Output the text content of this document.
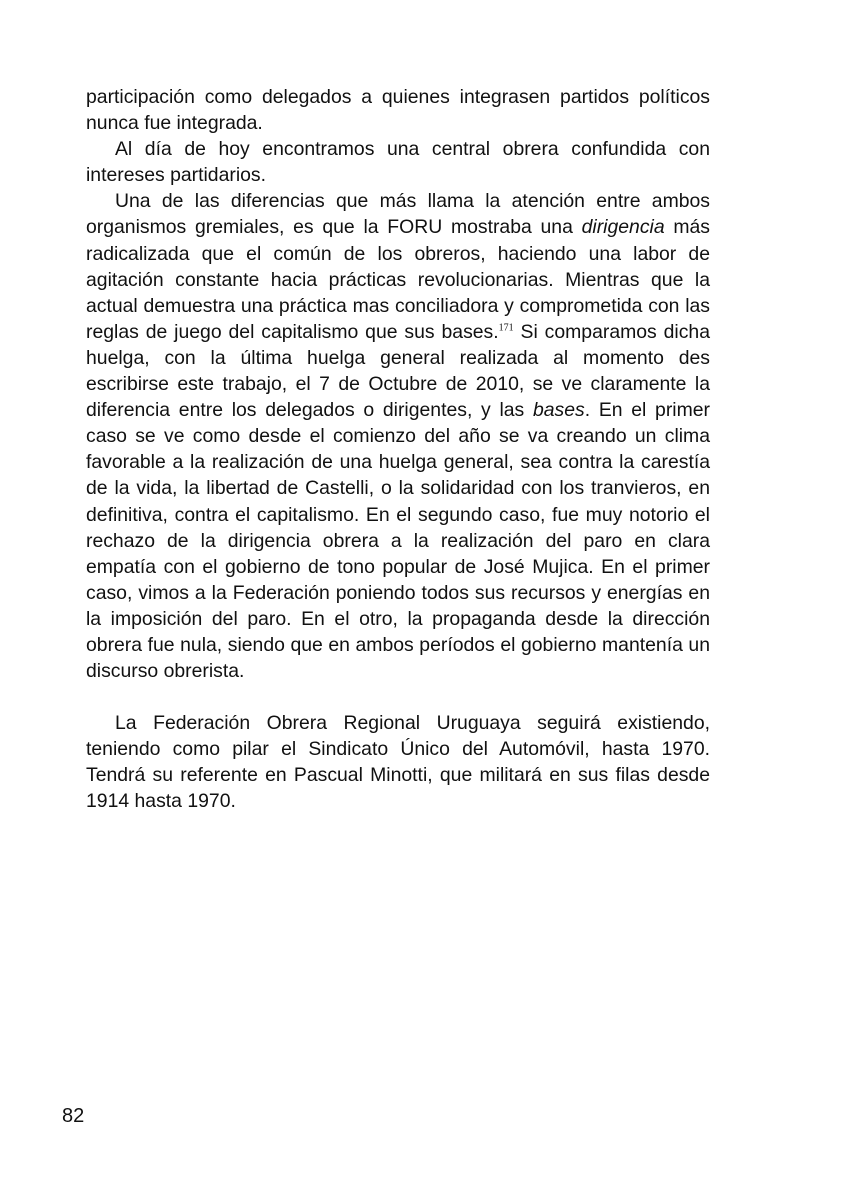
participación como delegados a quienes integrasen partidos políticos nunca fue integrada.

Al día de hoy encontramos una central obrera confundida con intereses partidarios.

Una de las diferencias que más llama la atención entre ambos organismos gremiales, es que la FORU mostraba una dirigencia más radicalizada que el común de los obreros, haciendo una labor de agitación constante hacia prácticas revolucionarias. Mientras que la actual demuestra una práctica mas conciliadora y comprometida con las reglas de juego del capitalismo que sus bases.$^{171}$ Si comparamos dicha huelga, con la última huelga general realizada al momento des escribirse este trabajo, el 7 de Octubre de 2010, se ve claramente la diferencia entre los delegados o dirigentes, y las bases. En el primer caso se ve como desde el comienzo del año se va creando un clima favorable a la realización de una huelga general, sea contra la carestía de la vida, la libertad de Castelli, o la solidaridad con los tranvieros, en definitiva, contra el capitalismo. En el segundo caso, fue muy notorio el rechazo de la dirigencia obrera a la realización del paro en clara empatía con el gobierno de tono popular de José Mujica. En el primer caso, vimos a la Federación poniendo todos sus recursos y energías en la imposición del paro. En el otro, la propaganda desde la dirección obrera fue nula, siendo que en ambos períodos el gobierno mantenía un discurso obrerista.

La Federación Obrera Regional Uruguaya seguirá existiendo, teniendo como pilar el Sindicato Único del Automóvil, hasta 1970. Tendrá su referente en Pascual Minotti, que militará en sus filas desde 1914 hasta 1970.

82
